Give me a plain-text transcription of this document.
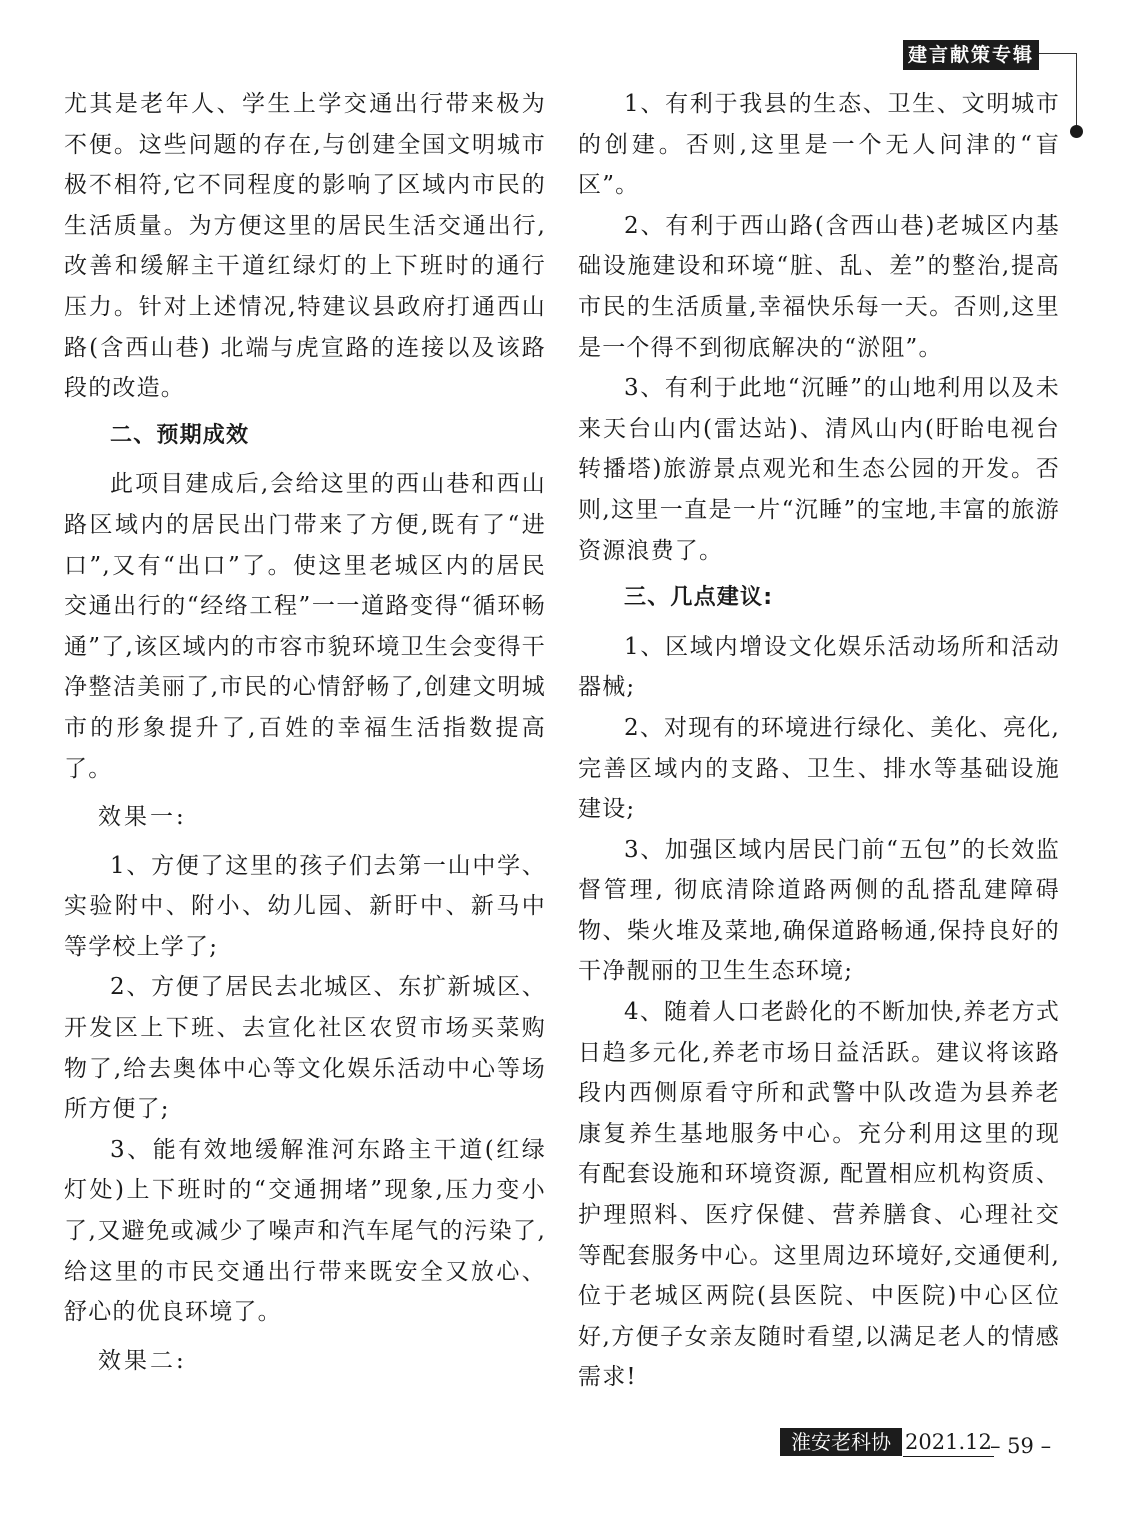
建言献策专辑

尤其是老年人、学生上学交通出行带来极为不便。这些问题的存在,与创建全国文明城市极不相符,它不同程度的影响了区域内市民的生活质量。为方便这里的居民生活交通出行,改善和缓解主干道红绿灯的上下班时的通行压力。针对上述情况,特建议县政府打通西山路(含西山巷) 北端与虎宣路的连接以及该路段的改造。

二、预期成效

此项目建成后,会给这里的西山巷和西山路区域内的居民出门带来了方便,既有了“进口”,又有“出口”了。使这里老城区内的居民交通出行的“经络工程”一一道路变得“循环畅通”了,该区域内的市容市貌环境卫生会变得干净整洁美丽了,市民的心情舒畅了,创建文明城市的形象提升了,百姓的幸福生活指数提高了。

效果一:

1、方便了这里的孩子们去第一山中学、实验附中、附小、幼儿园、新盱中、新马中等学校上学了;

2、方便了居民去北城区、东扩新城区、开发区上下班、去宣化社区农贸市场买菜购物了,给去奥体中心等文化娱乐活动中心等场所方便了;

3、能有效地缓解淮河东路主干道(红绿灯处)上下班时的“交通拥堵”现象,压力变小了,又避免或减少了噪声和汽车尾气的污染了,给这里的市民交通出行带来既安全又放心、舒心的优良环境了。

效果二:

1、有利于我县的生态、卫生、文明城市的创建。否则,这里是一个无人问津的“盲区”。

2、有利于西山路(含西山巷)老城区内基础设施建设和环境“脏、乱、差”的整治,提高市民的生活质量,幸福快乐每一天。否则,这里是一个得不到彻底解决的“淤阻”。

3、有利于此地“沉睡”的山地利用以及未来天台山内(雷达站)、清风山内(盱眙电视台转播塔)旅游景点观光和生态公园的开发。否则,这里一直是一片“沉睡”的宝地,丰富的旅游资源浪费了。

三、几点建议:

1、区域内增设文化娱乐活动场所和活动器械;

2、对现有的环境进行绿化、美化、亮化,完善区域内的支路、卫生、排水等基础设施建设;

3、加强区域内居民门前“五包”的长效监督管理, 彻底清除道路两侧的乱搭乱建障碍物、柴火堆及菜地,确保道路畅通,保持良好的干净靓丽的卫生生态环境;

4、随着人口老龄化的不断加快,养老方式日趋多元化,养老市场日益活跃。建议将该路段内西侧原看守所和武警中队改造为县养老康复养生基地服务中心。充分利用这里的现有配套设施和环境资源, 配置相应机构资质、护理照料、医疗保健、营养膳食、心理社交等配套服务中心。这里周边环境好,交通便利,位于老城区两院(县医院、中医院)中心区位好,方便子女亲友随时看望,以满足老人的情感需求!

淮安老科协 2021.12
– 59 –
